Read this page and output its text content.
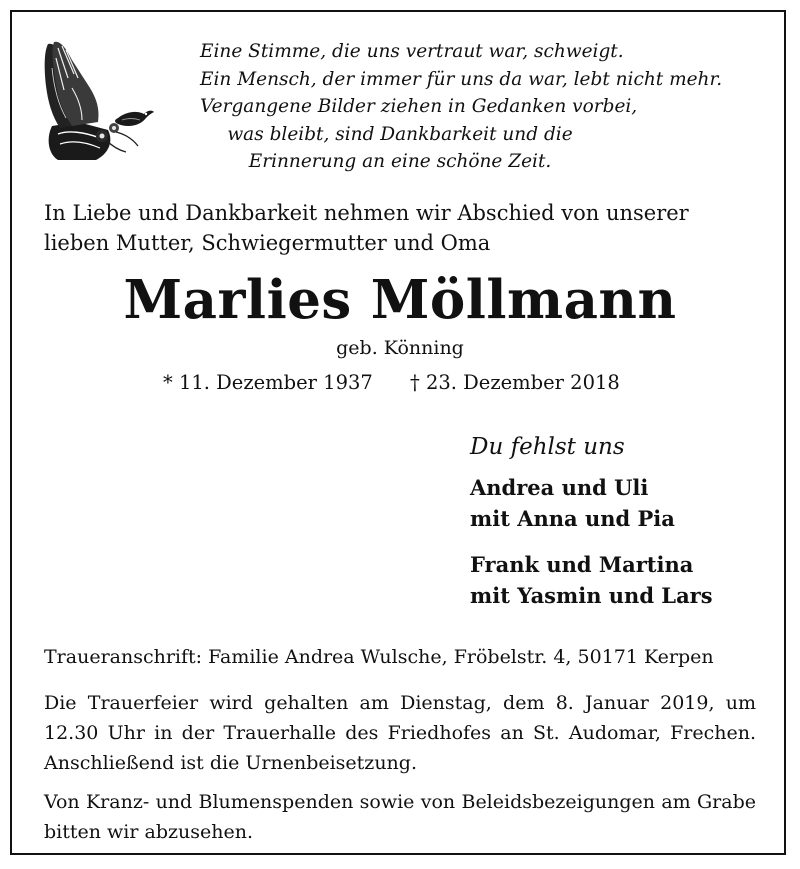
Eine Stimme, die uns vertraut war, schweigt.
Ein Mensch, der immer für uns da war, lebt nicht mehr.
Vergangene Bilder ziehen in Gedanken vorbei,
was bleibt, sind Dankbarkeit und die
Erinnerung an eine schöne Zeit.
In Liebe und Dankbarkeit nehmen wir Abschied von unserer lieben Mutter, Schwiegermutter und Oma
Marlies Möllmann
geb. Könning
* 11. Dezember 1937 † 23. Dezember 2018
Du fehlst uns
Andrea und Uli
mit Anna und Pia
Frank und Martina
mit Yasmin und Lars
Traueranschrift: Familie Andrea Wulsche, Fröbelstr. 4, 50171 Kerpen
Die Trauerfeier wird gehalten am Dienstag, dem 8. Januar 2019, um 12.30 Uhr in der Trauerhalle des Friedhofes an St. Audomar, Frechen. Anschließend ist die Urnenbeisetzung.
Von Kranz- und Blumenspenden sowie von Beleidsbezeigungen am Grabe bitten wir abzusehen.
